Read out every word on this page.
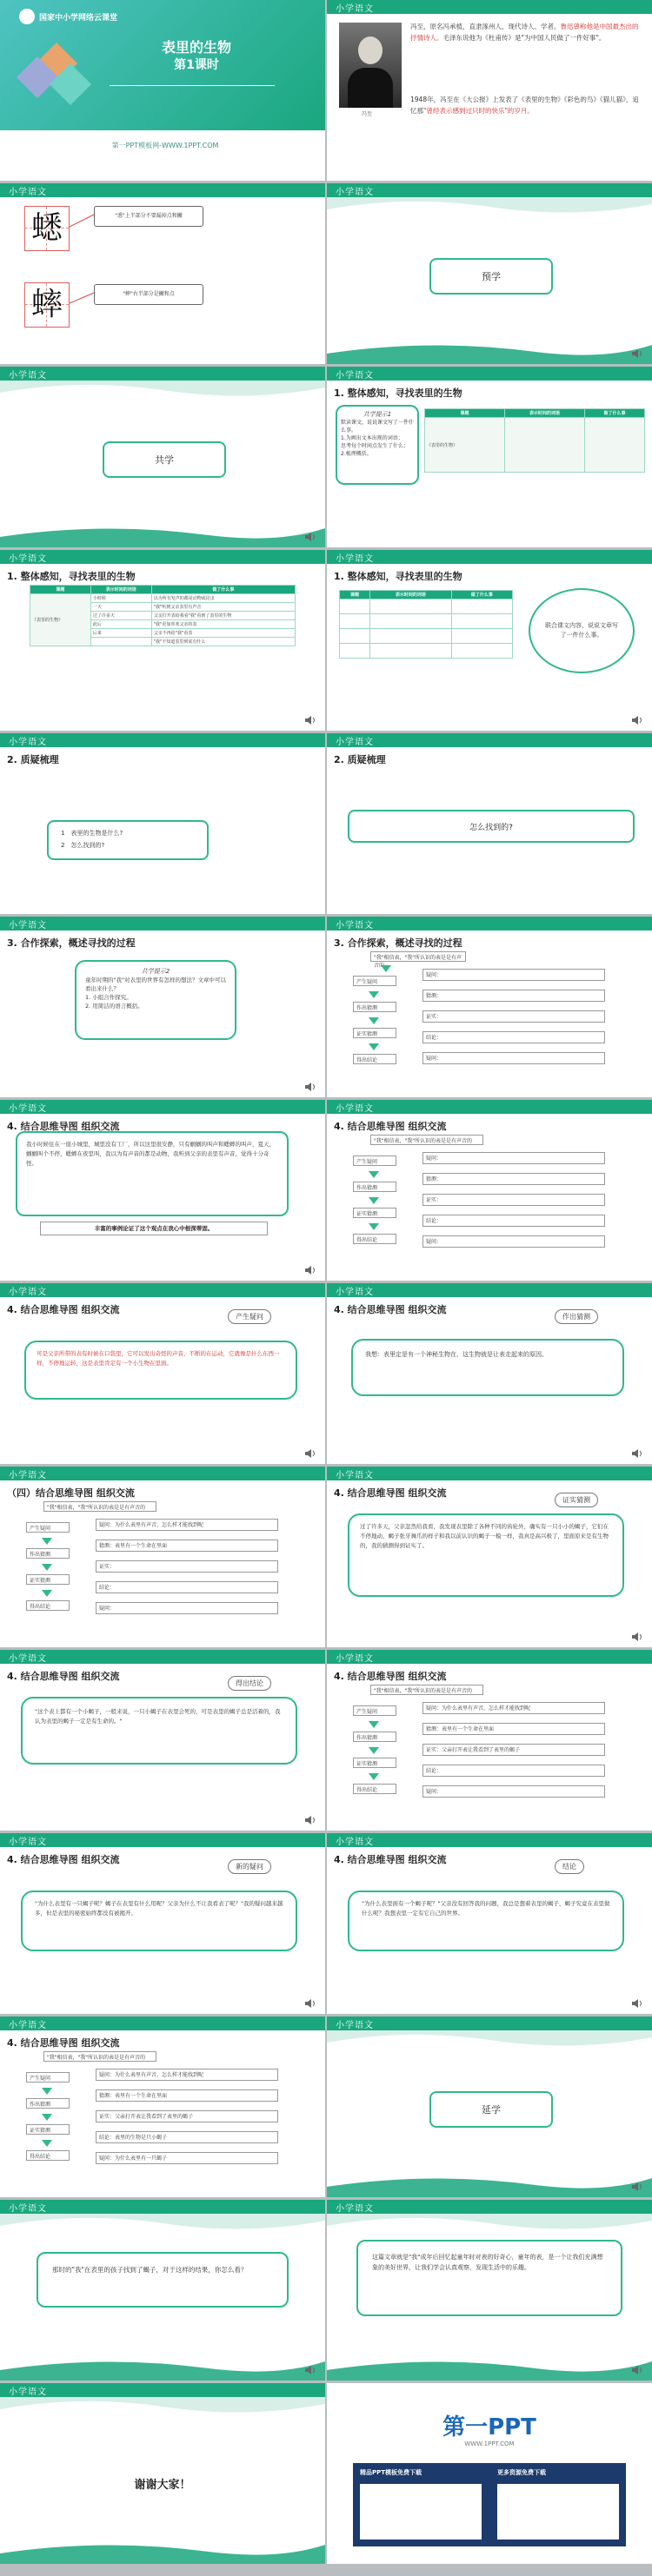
国家中小学网络云课堂
表里的生物
第1课时
第一PPT模板网-WWW.1PPT.COM
小学语文
冯至
冯至，原名冯承植，直隶涿州人，现代诗人、学者。鲁迅曾称他是中国最杰出的抒情诗人。毛泽东说他为《杜甫传》是"为中国人民做了一件好事"。
1948年，冯至在《大公报》上发表了《表里的生物》《彩色的鸟》《猫儿猫》，追忆那"曾经表示感到过只时的快乐"的岁月。
小学语文
蟋
蟀
"悉"上半部分不要漏掉点和撇
"蟀"右半部分是撇和点
小学语文
预学
小学语文
共学
小学语文
1. 整体感知，寻找表里的生物
共学提示1
默读课文，说说课文写了一件什么事。
1.为画出文本出现的词语；
思考每个时间点发生了什么；
2.梳理概括。
课题	表示时间的词语	做了什么事
《表里的生物》		
小学语文
1. 整体感知，寻找表里的生物
课题	表示时间的词语	做了什么事
《表里的生物》	小时候	以为所有发声的都是动物或昆虫
	一天	"我"听到父亲表里有声音
	过了许多天	父亲打开表给我看"我"看到了表里的生物
	此后	"我"更加喜欢父亲的表
	后来	父亲不再给"我"看表
		"我"不知道表里到底有什么
小学语文
1. 整体感知，寻找表里的生物
课题	表示时间的词语	做了什么事

联合课文内容，说说文章写了一件什么事。
小学语文
2. 质疑梳理
1　表里的生物是什么?
2　怎么找到的?
小学语文
2. 质疑梳理
怎么找到的?
小学语文
3. 合作探索，概述寻找的过程
共学提示2
童年时期的"我"对表里的世界有怎样的想法？文章中可以看出来什么？
1. 小组合作探究。
2. 用简洁的语言概括。
小学语文
3. 合作探索，概述寻找的过程
"我"相信表，"我"所认识的表是是有声音的
产生疑问
作出猜测
证实猜测
得出结论
疑问：
猜测：
证实：
结论：
疑问：
小学语文
4. 结合思维导图 组织交流
我小时候住在一座小城里，城里没有工厂，所以这里很安静，只有蝈蝈的叫声和蟋蟀的叫声，夏天，蝈蝈叫个不停，蟋蟀在夜里叫，我以为有声音的都是动物，我听到父亲的表里有声音，觉得十分奇怪。
丰富的事例论证了这个观点在我心中根深蒂固。
小学语文
4. 结合思维导图 组织交流
"我"相信表，"我"所认识的表是是有声音的
产生疑问
作出猜测
证实猜测
得出结论
疑问：
猜测：
证实：
结论：
疑问：
小学语文
4. 结合思维导图 组织交流
产生疑问
可是父亲所带的表有时候在口袋里，它可以发出奇怪的声音，不断的在运动，它就像是什么东西一样，不停地运转，这是表里肯定有一个小生物在里面。
小学语文
4. 结合思维导图 组织交流
作出猜测
我想：表里定是有一个神秘生物在，这生物就是让表走起来的原因。
小学语文
（四）结合思维导图 组织交流
"我"相信表，"我"所认识的表是是有声音的
产生疑问
作出猜测
证实猜测
得出结论
疑问：为什么表里有声音，怎么样才能找到呢
猜测：表里有一个生命在里面
证实：
结论：
疑问：
小学语文
4. 结合思维导图 组织交流
证实猜测
过了许多天，父亲忽然给我看，我发现表里除了各种不同的齿轮外，确实有一只小小的蝎子，它们在不停地动，蝎子张牙舞爪的样子和我以前认识的蝎子一模一样，我真是高兴极了，里面原来是有生物的，我的猜测得到证实了。
小学语文
4. 结合思维导图 组织交流
得出结论
"这个表上都有一个小蝎子，一般来说，一只小蝎子在表里会死的，可是表里的蝎子总是活着的，我认为表里的蝎子一定是有生命的。"
小学语文
4. 结合思维导图 组织交流
"我"相信表，"我"所认识的表是是有声音的
产生疑问
作出猜测
证实猜测
得出结论
疑问：为什么表里有声音，怎么样才能找到呢
猜测：表里有一个生命在里面
证实：父亲打开表让我看到了表里的蝎子
结论：
疑问：
小学语文
4. 结合思维导图 组织交流
新的疑问
"为什么表里有一只蝎子呢？蝎子在表里有什么用呢？父亲为什么不让我看表了呢？"我的疑问越来越多，但是表里的秘密始终都没有被揭开。
小学语文
4. 结合思维导图 组织交流
结论
"为什么表里面有一个蝎子呢？"父亲没有回答我的问题，我总是想着表里的蝎子，蝎子究竟在表里做什么呢？我想表里一定有它自己的世界。
小学语文
4. 结合思维导图 组织交流
"我"相信表，"我"所认识的表是是有声音的
产生疑问
作出猜测
证实猜测
得出结论
疑问：为什么表里有声音，怎么样才能找到呢
猜测：表里有一个生命在里面
证实：父亲打开表让我看到了表里的蝎子
结论：表里的生物是只小蝎子
疑问：为什么表里有一只蝎子
小学语文
延学
小学语文
那时的"我"在表里的孩子找到了蝎子，对于这样的结果，你怎么看？
小学语文
这篇文章就是"我"成年后回忆起童年时对表的好奇心，童年的表，是一个让我们充满想象的美好世界，让我们学会认真观察，发现生活中的乐趣。
小学语文
谢谢大家！
第一PPT
WWW.1PPT.COM
精品PPT模板免费下载	更多资源免费下载
